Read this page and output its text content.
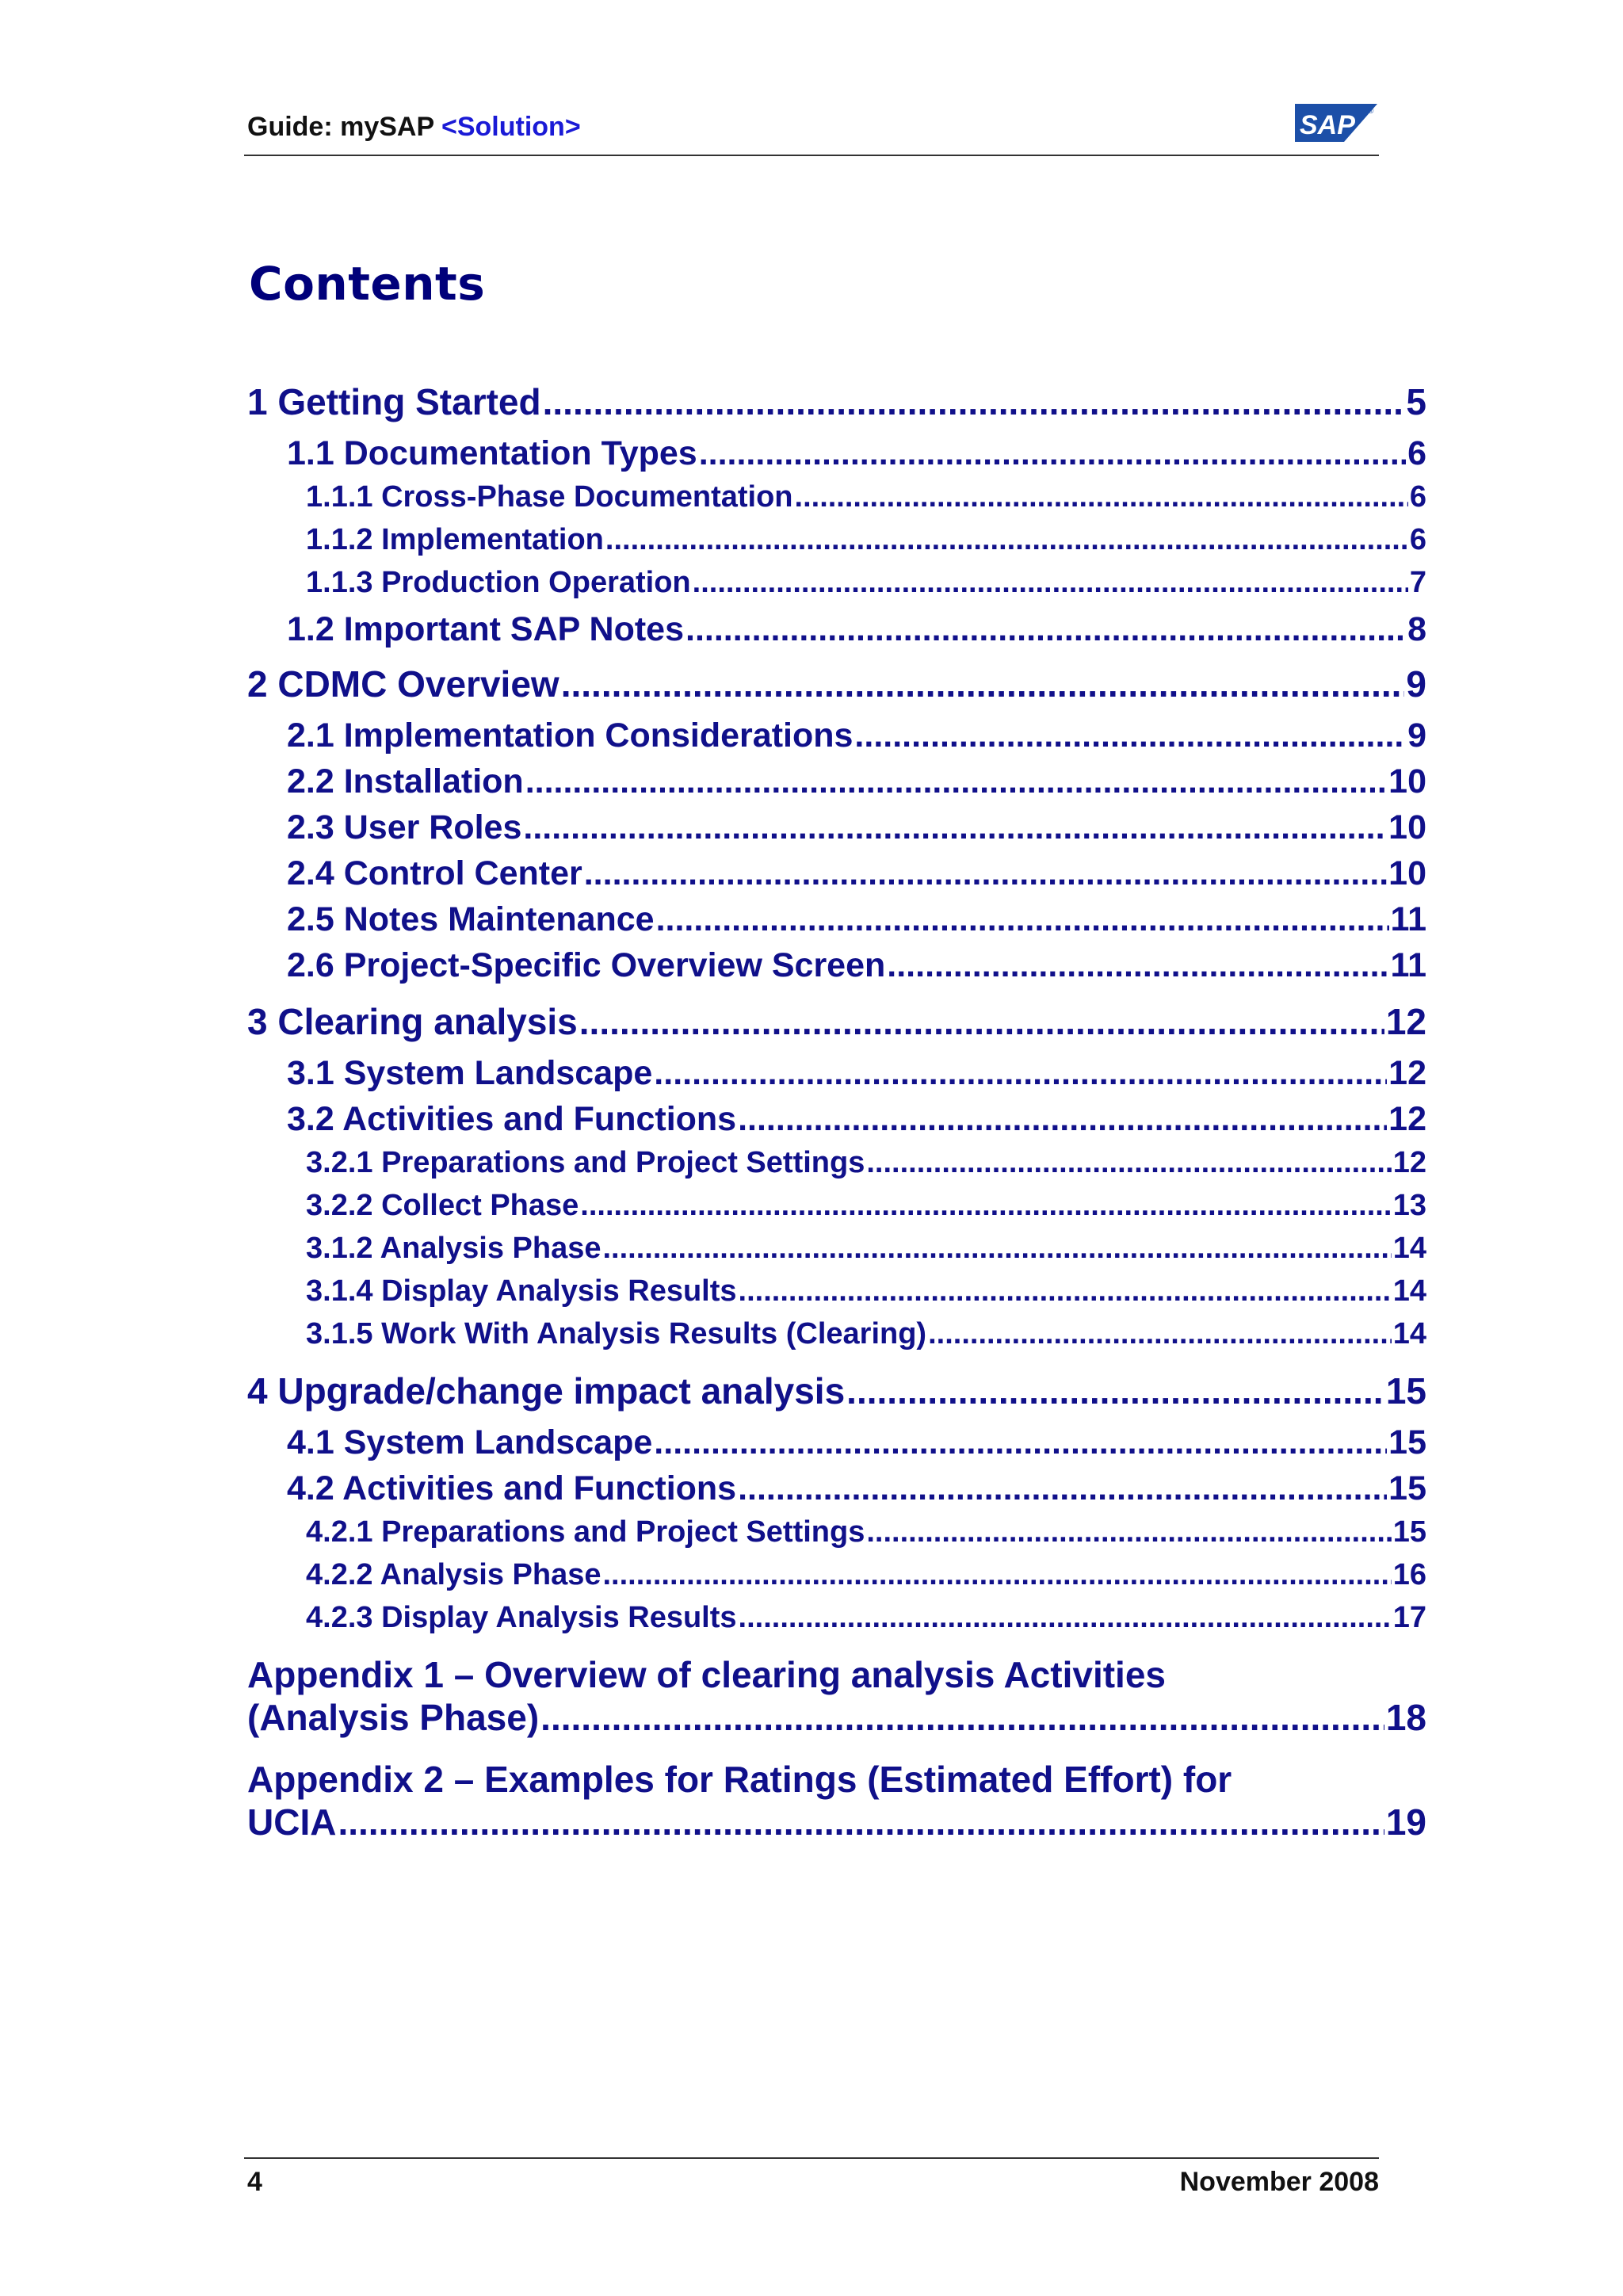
Guide: mySAP <Solution>	SAP ®
Contents
1 Getting Started .....	5
1.1 Documentation Types .....	6
1.1.1 Cross-Phase Documentation .....	6
1.1.2 Implementation .....	6
1.1.3 Production Operation .....	7
1.2 Important SAP Notes .....	8
2 CDMC Overview .....	9
2.1 Implementation Considerations .....	9
2.2 Installation .....	10
2.3 User Roles .....	10
2.4 Control Center .....	10
2.5 Notes Maintenance .....	11
2.6 Project-Specific Overview Screen .....	11
3 Clearing analysis .....	12
3.1 System Landscape .....	12
3.2 Activities and Functions .....	12
3.2.1 Preparations and Project Settings .....	12
3.2.2 Collect Phase .....	13
3.1.2 Analysis Phase .....	14
3.1.4 Display Analysis Results .....	14
3.1.5 Work With Analysis Results (Clearing) .....	14
4 Upgrade/change impact analysis .....	15
4.1 System Landscape .....	15
4.2 Activities and Functions .....	15
4.2.1 Preparations and Project Settings .....	15
4.2.2 Analysis Phase .....	16
4.2.3 Display Analysis Results .....	17
Appendix 1 – Overview of clearing analysis Activities
(Analysis Phase) .....	18
Appendix 2 – Examples for Ratings (Estimated Effort) for
UCIA .....	19
4	November 2008
